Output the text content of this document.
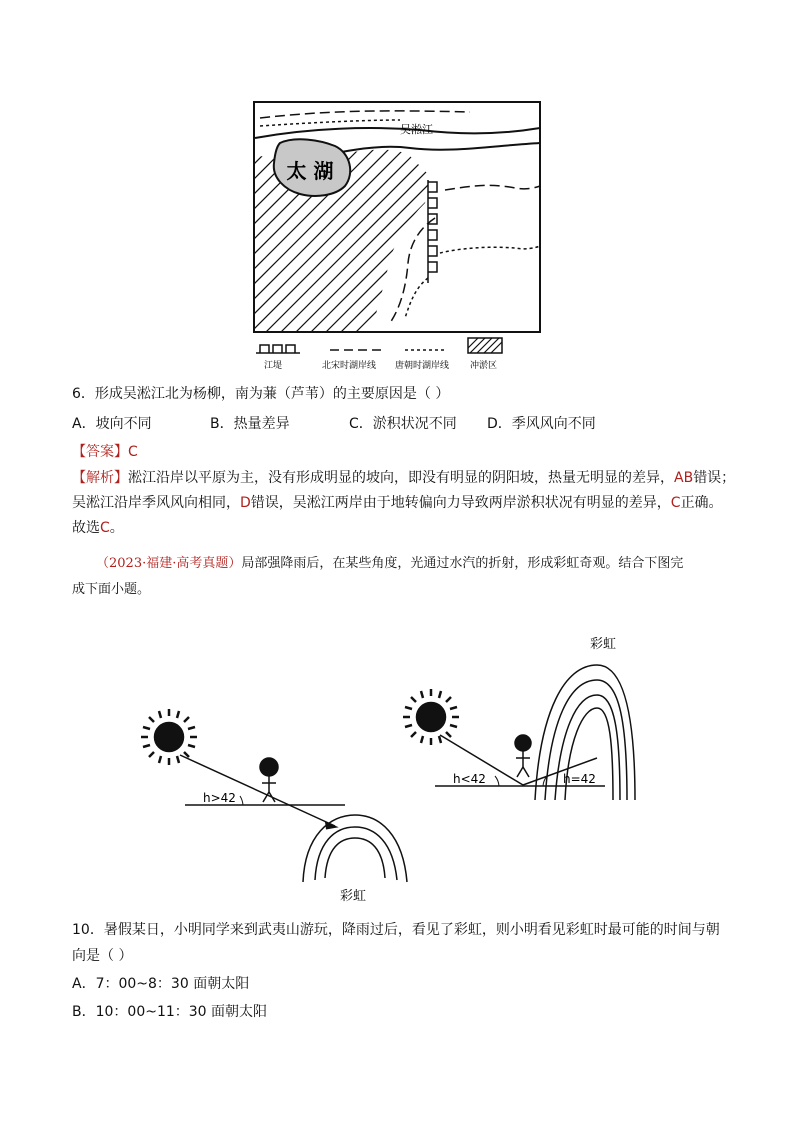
太 湖
吴淞江
江堤	北宋时湖岸线 唐朝时湖岸线 冲淤区
6．形成吴淞江北为杨柳，南为蒹（芦苇）的主要原因是（ ）
A．坡向不同	B．热量差异	C．淤积状况不同 D．季风风向不同
【答案】C
【解析】淞江沿岸以平原为主，没有形成明显的坡向，即没有明显的阴阳坡，热量无明显的差异，AB错误；吴淞江沿岸季风风向相同，D错误，吴淞江两岸由于地转偏向力导致两岸淤积状况有明显的差异，C正确。
故选C。
（2023·福建·高考真题）局部强降雨后，在某些角度，光通过水汽的折射，形成彩虹奇观。结合下图完
成下面小题。
h>42
彩虹
彩虹
h<42	h=42
10．暑假某日，小明同学来到武夷山游玩，降雨过后，看见了彩虹，则小明看见彩虹时最可能的时间与朝
向是（ ）
A．7：00~8：30 面朝太阳
B．10：00~11：30 面朝太阳
